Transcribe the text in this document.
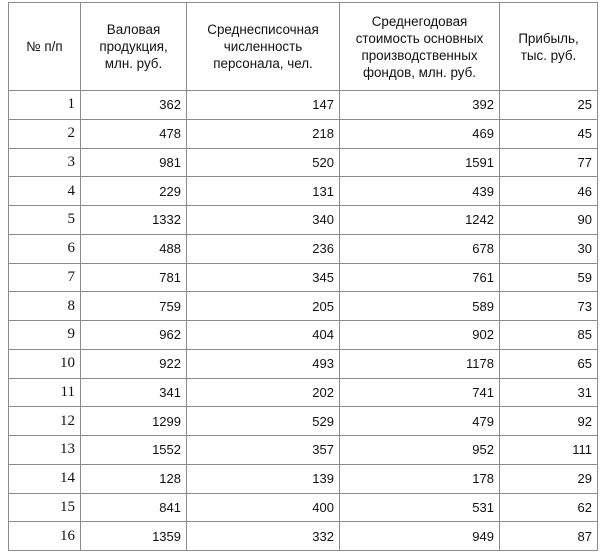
№ п/п	Валовая продукция, млн. руб.	Среднесписочная численность персонала, чел.	Среднегодовая стоимость основных производственных фондов, млн. руб.	Прибыль, тыс. руб.
1	362	147	392	25
2	478	218	469	45
3	981	520	1591	77
4	229	131	439	46
5	1332	340	1242	90
6	488	236	678	30
7	781	345	761	59
8	759	205	589	73
9	962	404	902	85
10	922	493	1178	65
11	341	202	741	31
12	1299	529	479	92
13	1552	357	952	111
14	128	139	178	29
15	841	400	531	62
16	1359	332	949	87
